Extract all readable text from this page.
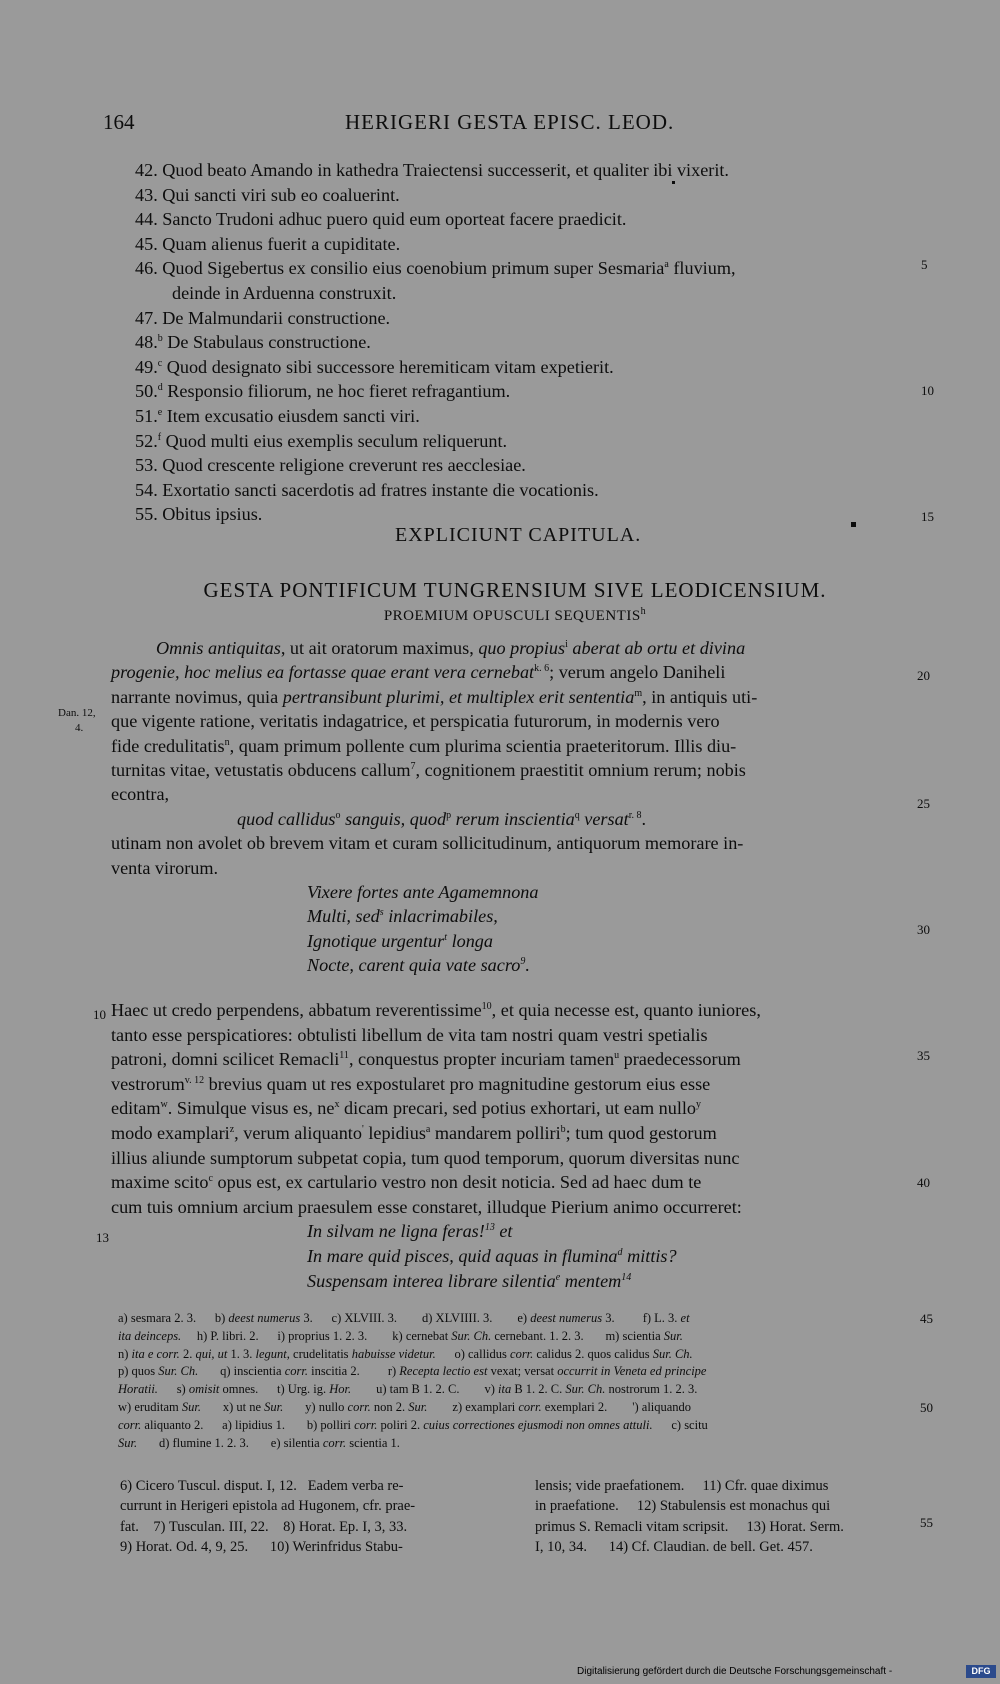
164	HERIGERI GESTA EPISC. LEOD.
42. Quod beato Amando in kathedra Traiectensi successerit, et qualiter ibi vixerit.
43. Qui sancti viri sub eo coaluerint.
44. Sancto Trudoni adhuc puero quid eum oporteat facere praedicit.
45. Quam alienus fuerit a cupiditate.
46. Quod Sigebertus ex consilio eius coenobium primum super Sesmaria$^a$ fluvium,
deinde in Arduenna construxit.
47. De Malmundarii constructione.
48.$^b$ De Stabulaus constructione.
49.$^c$ Quod designato sibi successore heremiticam vitam expetierit.
50.$^d$ Responsio filiorum, ne hoc fieret refragantium.
51.$^e$ Item excusatio eiusdem sancti viri.
52.$^f$ Quod multi eius exemplis seculum reliquerunt.
53. Quod crescente religione creverunt res aecclesiae.
54. Exortatio sancti sacerdotis ad fratres instante die vocationis.
55. Obitus ipsius.
5
10
15
EXPLICIUNT CAPITULA.
GESTA PONTIFICUM TUNGRENSIUM SIVE LEODICENSIUM.
PROEMIUM OPUSCULI SEQUENTIS$^h$
Omnis antiquitas, ut ait oratorum maximus, quo propius$^i$ aberat ab ortu et divina
progenie, hoc melius ea fortasse quae erant vera cernebat$^{k. 6}$; verum angelo Daniheli
narrante novimus, quia pertransibunt plurimi, et multiplex erit sententia$^m$, in antiquis uti-
que vigente ratione, veritatis indagatrice, et perspicatia futurorum, in modernis vero
fide credulitatis$^n$, quam primum pollente cum plurima scientia praeteritorum. Illis diu-
turnitas vitae, vetustatis obducens callum$^7$, cognitionem praestitit omnium rerum; nobis
econtra,
quod callidus$^o$ sanguis, quod$^p$ rerum inscientia$^q$ versat$^{r. 8}$.
utinam non avolet ob brevem vitam et curam sollicitudinum, antiquorum memorare in-
venta virorum.
Vixere fortes ante Agamemnona
Multi, sed$^s$ inlacrimabiles,
Ignotique urgentur$^t$ longa
Nocte, carent quia vate sacro$^9$.
Dan. 12,
4.
20
25
30
10 Haec ut credo perpendens, abbatum reverentissime$^{10}$, et quia necesse est, quanto iuniores,
tanto esse perspicatiores: obtulisti libellum de vita tam nostri quam vestri spetialis
patroni, domni scilicet Remacli$^{11}$, conquestus propter incuriam tamen$^u$ praedecessorum
vestrorum$^{v. 12}$ brevius quam ut res expostularet pro magnitudine gestorum eius esse
editam$^w$. Simulque visus es, $ne^x$ dicam precari, sed potius exhortari, ut eam nullo$^y$
modo examplari$^z$, verum aliquanto' lepidius$^a$ mandarem polliri$^b$; tum quod gestorum
illius aliunde sumptorum subpetat copia, tum quod temporum, quorum diversitas nunc
maxime scito$^c$ opus est, ex cartulario vestro non desit noticia. Sed ad haec dum te
cum tuis omnium arcium praesulem esse constaret, illudque Pierium animo occurreret:
In silvam ne ligna feras!$^{13}$ et
In mare quid pisces, quid aquas in flumina$^d$ mittis?
Suspensam interea librare silentia$^e$ mentem$^{14}$
13
35
40
a) sesmara 2. 3.      b) deest numerus 3.      c) XLVIII. 3.        d) XLVIIII. 3.        e) deest numerus 3.         f) L. 3. et
ita deinceps.     h) P. libri. 2.      i) proprius 1. 2. 3.        k) cernebat Sur. Ch. cernebant. 1. 2. 3.       m) scientia Sur.
n) ita e corr. 2. qui, ut 1. 3. legunt, crudelitatis habuisse videtur.      o) callidus corr. calidus 2. quos calidus Sur. Ch.
p) quos Sur. Ch.       q) inscientia corr. inscitia 2.         r) Recepta lectio est vexat; versat occurrit in Veneta ed principe
Horatii.      s) omisit omnes.      t) Urg. ig. Hor.        u) tam B 1. 2. C.        v) ita B 1. 2. C. Sur. Ch. nostrorum 1. 2. 3.
w) eruditam Sur.       x) ut ne Sur.       y) nullo corr. non 2. Sur.        z) examplari corr. exemplari 2.        ') aliquando
corr. aliquanto 2.      a) lipidius 1.       b) polliri corr. poliri 2. cuius correctiones ejusmodi non omnes attuli.      c) scitu
Sur.       d) flumine 1. 2. 3.       e) silentia corr. scientia 1.
45
50
6) Cicero Tuscul. disput. I, 12.   Eadem verba re-
currunt in Herigeri epistola ad Hugonem, cfr. prae-
fat.    7) Tusculan. III, 22.    8) Horat. Ep. I, 3, 33.
9) Horat. Od. 4, 9, 25.      10) Werinfridus Stabu-
lensis; vide praefationem.     11) Cfr. quae diximus
in praefatione.     12) Stabulensis est monachus qui
primus S. Remacli vitam scripsit.     13) Horat. Serm.
I, 10, 34.      14) Cf. Claudian. de bell. Get. 457.
55
Digitalisierung gefördert durch die Deutsche Forschungsgemeinschaft -	DFG
